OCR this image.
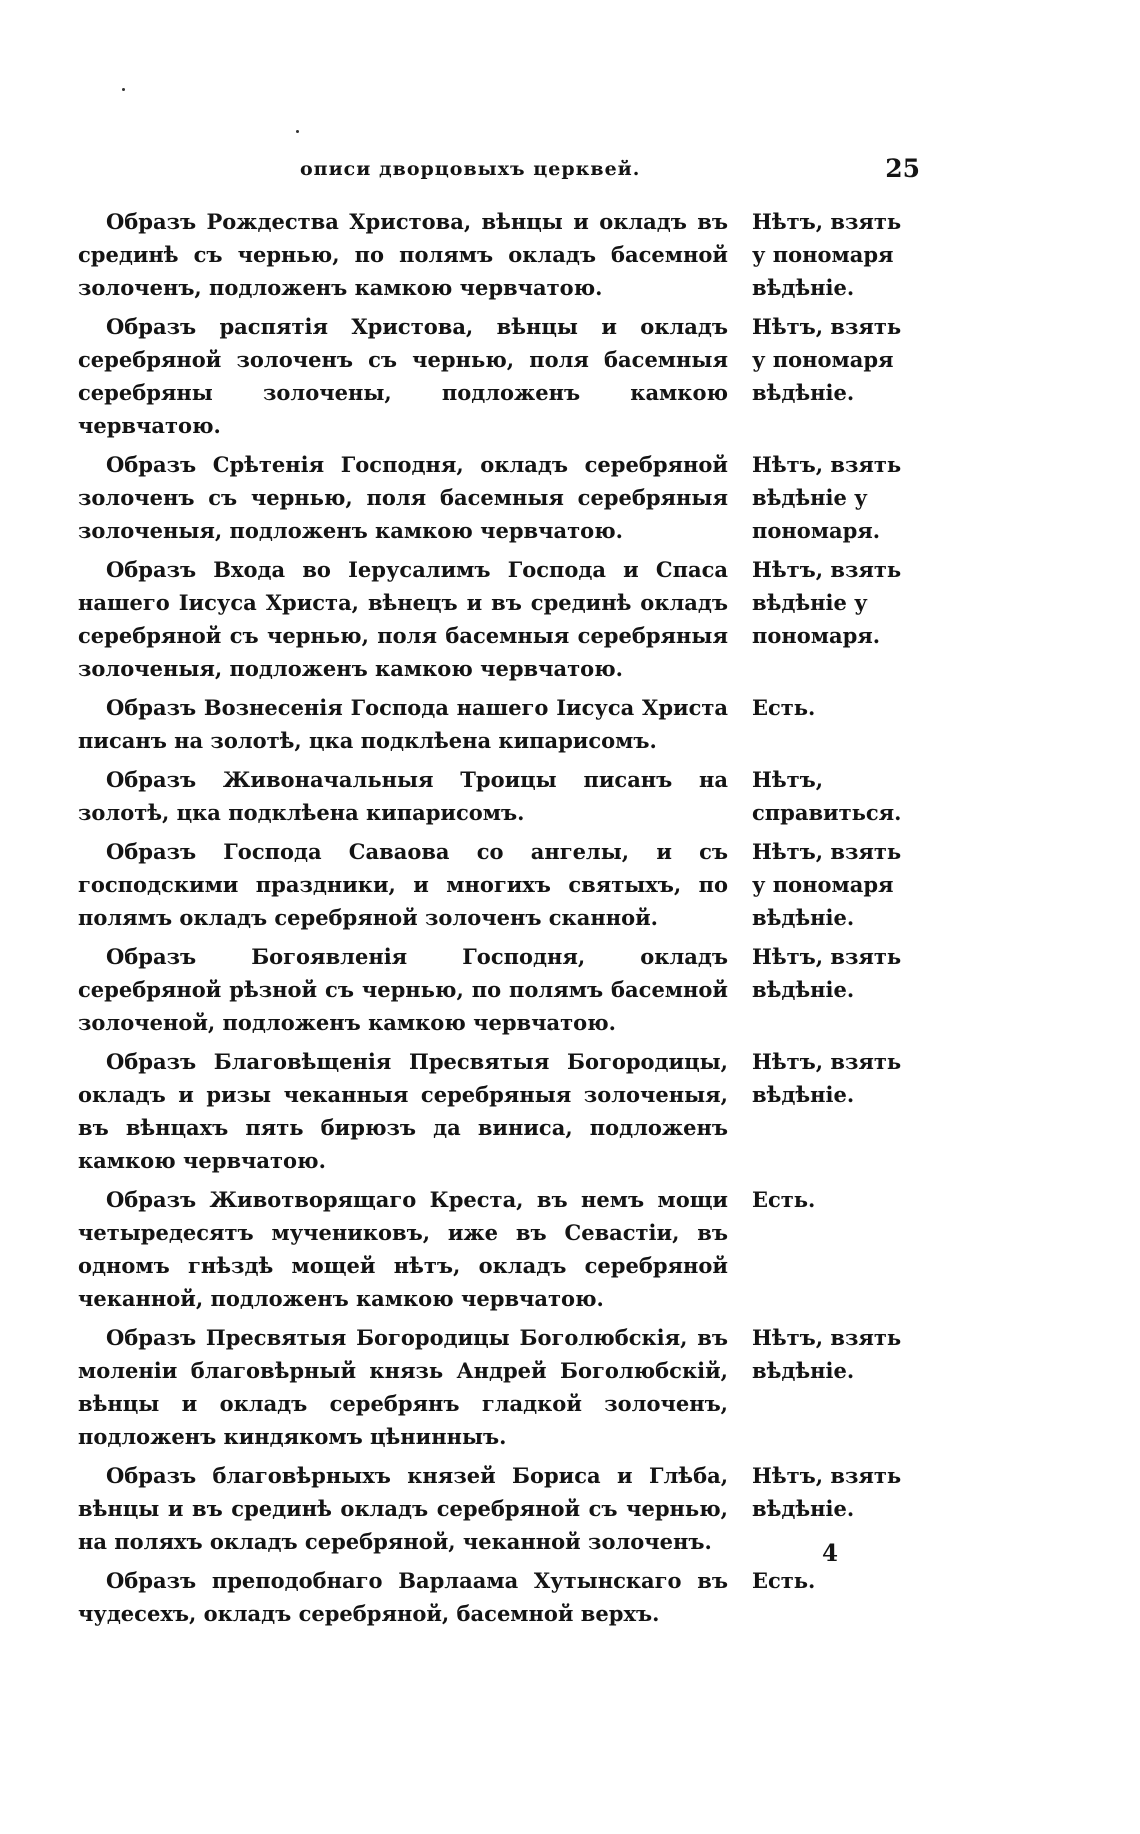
описи дворцовыхъ церквей.	25
Образъ Рождества Христова, вѣнцы и окладъ въ срединѣ съ чернью, по полямъ окладъ басемной золоченъ, подложенъ камкою червчатою.
Нѣтъ, взять у пономаря вѣдѣніе.
Образъ распятія Христова, вѣнцы и окладъ серебряной золоченъ съ чернью, поля басемныя серебряны золочены, подложенъ камкою червчатою.
Нѣтъ, взять у пономаря вѣдѣніе.
Образъ Срѣтенія Господня, окладъ серебряной золоченъ съ чернью, поля басемныя серебряныя золоченыя, подложенъ камкою червчатою.
Нѣтъ, взять вѣдѣніе у пономаря.
Образъ Входа во Іерусалимъ Господа и Спаса нашего Іисуса Христа, вѣнецъ и въ срединѣ окладъ серебряной съ чернью, поля басемныя серебряныя золоченыя, подложенъ камкою червчатою.
Нѣтъ, взять вѣдѣніе у пономаря.
Образъ Вознесенія Господа нашего Іисуса Христа писанъ на золотѣ, цка подклѣена кипарисомъ.
Есть.
Образъ Живоначальныя Троицы писанъ на золотѣ, цка подклѣена кипарисомъ.
Нѣтъ, справиться.
Образъ Господа Саваова со ангелы, и съ господскими праздники, и многихъ святыхъ, по полямъ окладъ серебряной золоченъ сканной.
Нѣтъ, взять у пономаря вѣдѣніе.
Образъ Богоявленія Господня, окладъ серебряной рѣзной съ чернью, по полямъ басемной золоченой, подложенъ камкою червчатою.
Нѣтъ, взять вѣдѣніе.
Образъ Благовѣщенія Пресвятыя Богородицы, окладъ и ризы чеканныя серебряныя золоченыя, въ вѣнцахъ пять бирюзъ да виниса, подложенъ камкою червчатою.
Нѣтъ, взять вѣдѣніе.
Образъ Животворящаго Креста, въ немъ мощи четыредесятъ мучениковъ, иже въ Севастіи, въ одномъ гнѣздѣ мощей нѣтъ, окладъ серебряной чеканной, подложенъ камкою червчатою.
Есть.
Образъ Пресвятыя Богородицы Боголюбскія, въ моленіи благовѣрный князь Андрей Боголюбскій, вѣнцы и окладъ серебрянъ гладкой золоченъ, подложенъ киндякомъ цѣнинныъ.
Нѣтъ, взять вѣдѣніе.
Образъ благовѣрныхъ князей Бориса и Глѣба, вѣнцы и въ срединѣ окладъ серебряной съ чернью, на поляхъ окладъ серебряной, чеканной золоченъ.
Нѣтъ, взять вѣдѣніе.
Образъ преподобнаго Варлаама Хутынскаго въ чудесехъ, окладъ серебряной, басемной верхъ.
Есть.
4
